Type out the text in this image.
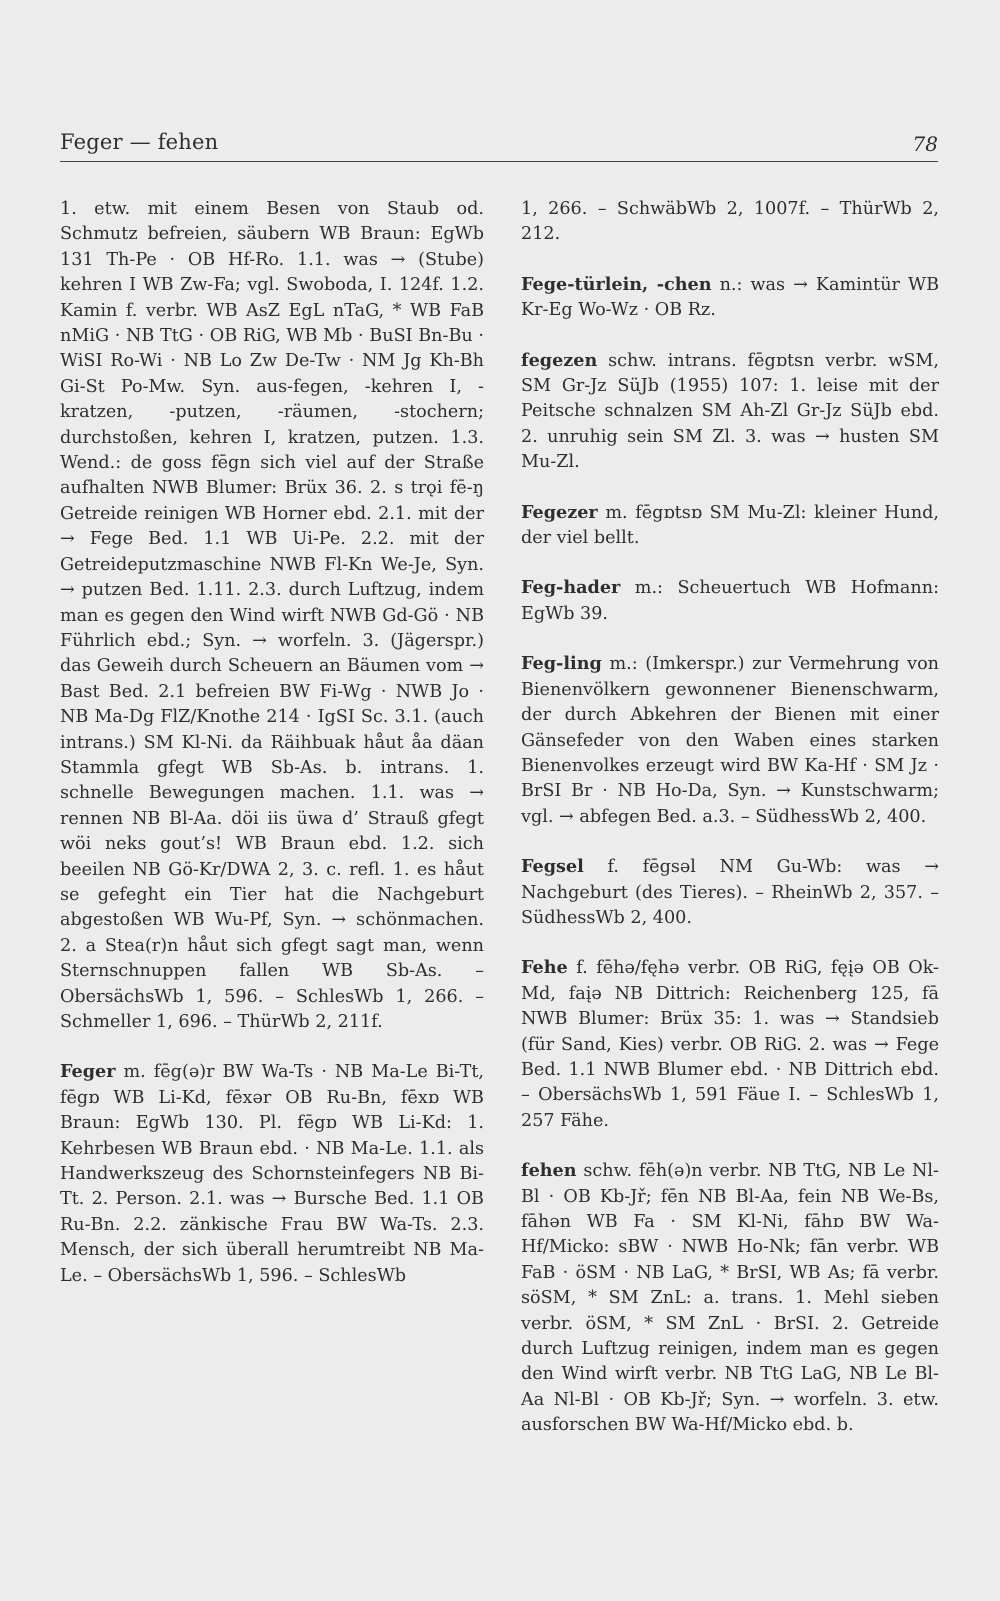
Feger — fehen	78

1. etw. mit einem Besen von Staub od. Schmutz befreien, säubern WB Braun: EgWb 131 Th-Pe · OB Hf-Ro. 1.1. was → (Stube) kehren I WB Zw-Fa; vgl. Swoboda, I. 124f. 1.2. Kamin f. verbr. WB AsZ EgL nTaG, * WB FaB nMiG · NB TtG · OB RiG, WB Mb · BuSI Bn-Bu · WiSI Ro-Wi · NB Lo Zw De-Tw · NM Jg Kh-Bh Gi-St Po-Mw. Syn. aus-fegen, -kehren I, -kratzen, -putzen, -räumen, -stochern; durchstoßen, kehren I, kratzen, putzen. 1.3. Wend.: de goss fēgn sich viel auf der Straße aufhalten NWB Blumer: Brüx 36. 2. s trǫi fē-ŋ Getreide reinigen WB Horner ebd. 2.1. mit der → Fege Bed. 1.1 WB Ui-Pe. 2.2. mit der Getreideputzmaschine NWB Fl-Kn We-Je, Syn. → putzen Bed. 1.11. 2.3. durch Luftzug, indem man es gegen den Wind wirft NWB Gd-Gö · NB Führlich ebd.; Syn. → worfeln. 3. (Jägerspr.) das Geweih durch Scheuern an Bäumen vom → Bast Bed. 2.1 befreien BW Fi-Wg · NWB Jo · NB Ma-Dg FlZ/Knothe 214 · IgSI Sc. 3.1. (auch intrans.) SM Kl-Ni. da Räihbuak håut åa däan Stammla gfegt WB Sb-As. b. intrans. 1. schnelle Bewegungen machen. 1.1. was → rennen NB Bl-Aa. döi iis üwa d’ Strauß gfegt wöi neks gout’s! WB Braun ebd. 1.2. sich beeilen NB Gö-Kr/DWA 2, 3. c. refl. 1. es håut se gefeght ein Tier hat die Nachgeburt abgestoßen WB Wu-Pf, Syn. → schönmachen. 2. a Stea(r)n håut sich gfegt sagt man, wenn Sternschnuppen fallen WB Sb-As. – ObersächsWb 1, 596. – SchlesWb 1, 266. – Schmeller 1, 696. – ThürWb 2, 211f.

Feger m. fēg(ə)r BW Wa-Ts · NB Ma-Le Bi-Tt, fēgɒ WB Li-Kd, fēxər OB Ru-Bn, fēxɒ WB Braun: EgWb 130. Pl. fēgɒ WB Li-Kd: 1. Kehrbesen WB Braun ebd. · NB Ma-Le. 1.1. als Handwerkszeug des Schornsteinfegers NB Bi-Tt. 2. Person. 2.1. was → Bursche Bed. 1.1 OB Ru-Bn. 2.2. zänkische Frau BW Wa-Ts. 2.3. Mensch, der sich überall herumtreibt NB Ma-Le. – ObersächsWb 1, 596. – SchlesWb

1, 266. – SchwäbWb 2, 1007f. – ThürWb 2, 212.

Fege-türlein, -chen n.: was → Kamintür WB Kr-Eg Wo-Wz · OB Rz.

fegezen schw. intrans. fēgɒtsn verbr. wSM, SM Gr-Jz SüJb (1955) 107: 1. leise mit der Peitsche schnalzen SM Ah-Zl Gr-Jz SüJb ebd. 2. unruhig sein SM Zl. 3. was → husten SM Mu-Zl.

Fegezer m. fēgɒtsɒ SM Mu-Zl: kleiner Hund, der viel bellt.

Feg-hader m.: Scheuertuch WB Hofmann: EgWb 39.

Feg-ling m.: (Imkerspr.) zur Vermehrung von Bienenvölkern gewonnener Bienenschwarm, der durch Abkehren der Bienen mit einer Gänsefeder von den Waben eines starken Bienenvolkes erzeugt wird BW Ka-Hf · SM Jz · BrSI Br · NB Ho-Da, Syn. → Kunstschwarm; vgl. → abfegen Bed. a.3. – SüdhessWb 2, 400.

Fegsel f. fēgsəl NM Gu-Wb: was → Nachgeburt (des Tieres). – RheinWb 2, 357. – SüdhessWb 2, 400.

Fehe f. fēhə/fęhə verbr. OB RiG, fęįə OB Ok-Md, faįə NB Dittrich: Reichenberg 125, fā NWB Blumer: Brüx 35: 1. was → Standsieb (für Sand, Kies) verbr. OB RiG. 2. was → Fege Bed. 1.1 NWB Blumer ebd. · NB Dittrich ebd. – ObersächsWb 1, 591 Fäue I. – SchlesWb 1, 257 Fähe.

fehen schw. fēh(ə)n verbr. NB TtG, NB Le Nl-Bl · OB Kb-Jř; fēn NB Bl-Aa, fein NB We-Bs, fāhən WB Fa · SM Kl-Ni, fāhɒ BW Wa-Hf/Micko: sBW · NWB Ho-Nk; fān verbr. WB FaB · öSM · NB LaG, * BrSI, WB As; fā verbr. söSM, * SM ZnL: a. trans. 1. Mehl sieben verbr. öSM, * SM ZnL · BrSI. 2. Getreide durch Luftzug reinigen, indem man es gegen den Wind wirft verbr. NB TtG LaG, NB Le Bl-Aa Nl-Bl · OB Kb-Jř; Syn. → worfeln. 3. etw. ausforschen BW Wa-Hf/Micko ebd. b.
